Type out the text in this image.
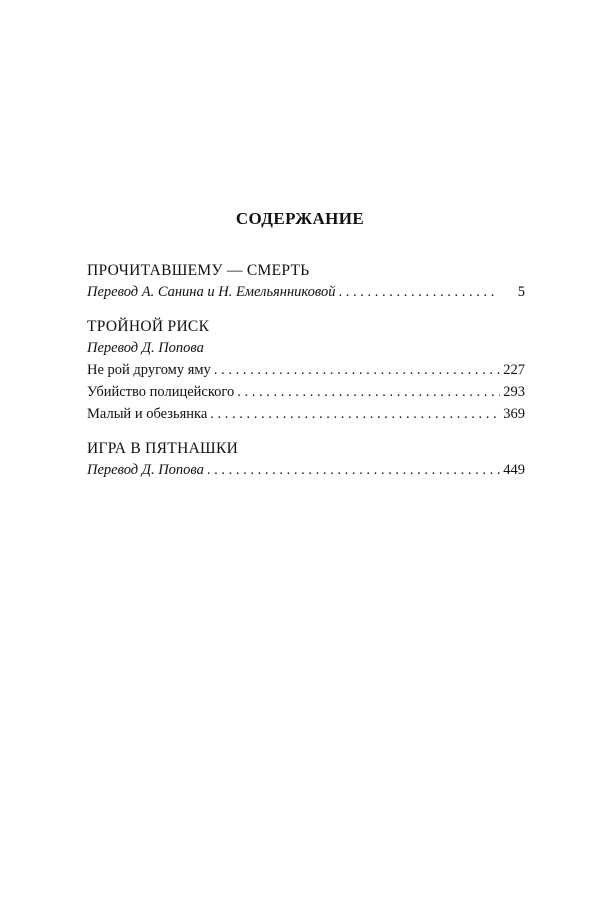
СОДЕРЖАНИЕ
ПРОЧИТАВШЕМУ — СМЕРТЬ
Перевод А. Санина и Н. Емельянниковой . . .	5
ТРОЙНОЙ РИСК
Перевод Д. Попова
Не рой другому яму . . .	227
Убийство полицейского . . .	293
Малый и обезьянка . . .	369
ИГРА В ПЯТНАШКИ
Перевод Д. Попова . . .	449
